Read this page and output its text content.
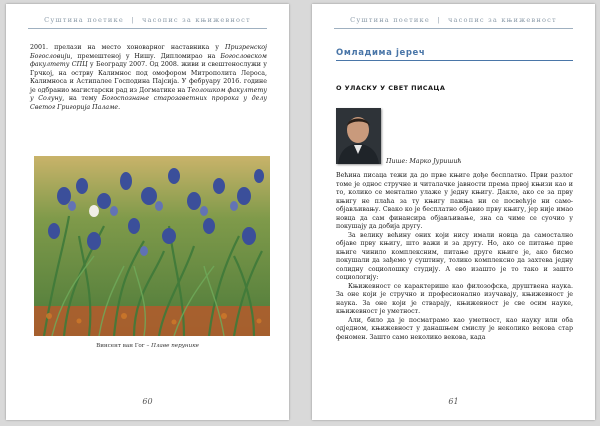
Суштина поетике | часопис за књижевност

2001. прелази на место хоноварног наставника у Призренској Богословији, премештеној у Нишу. Дипломирао на Богословском факултету СПЦ у Београду 2007. Од 2008. живи и свештенослужи у Грчкој, на острву Калимнос под омофором Митрополита Лероса, Калимноса и Астипалее Господина Пајсија. У фебруару 2016. године је одбранио магистарски рад из Догматике на Теолошком факултету у Солуну, на тему Богоспознање старозаветних пророка у делу Светог Григорија Паламе.

Винсент ван Гог – Плаве перунике
60
Суштина поетике | часопис за књижевност
Омладима јереч
О УЛАСКУ У СВЕТ ПИСАЦА
Пише: Марко Јуришић

Већина писаца тежи да до прве књиге дође бесплатно. Први разлог томе је однос стручне и читалачке јавности према првој књизи као и то, колико се ментално улаже у једну књигу. Дакле, ако се за прву књигу не плаћа за ту књигу пажња ни се посвећује ни само-објављивању. Свако ко је бесплатно објавио прву књигу, јер није имао новца да сам финансира објављивање, зна са чиме се суочио у покушају да добија другу.

За велику већину оних који нису имали новца да самостално објаве прву књигу, што важи и за другу. Но, ако се питање прве књиге чинило комплексним, питање друге књиге је, ако бисмо покушали да зађемо у суштину, толико комплексно да захтева једну солидну социолошку студију. А ево изашто је то тако и зашто социологију:

Књижевност се карактерише као филозофска, друштвена наука. За оне који је стручно и професионално изучавају, књижевност је наука. За оне који је стварају, књижевност је свe осим науке, књижевност је уметност.

Али, било да је посматрамо као уметност, као науку или оба одједном, књижевност у данашњем смислу је неколико векова стар феномен. Зашто само неколико векова, када

61
